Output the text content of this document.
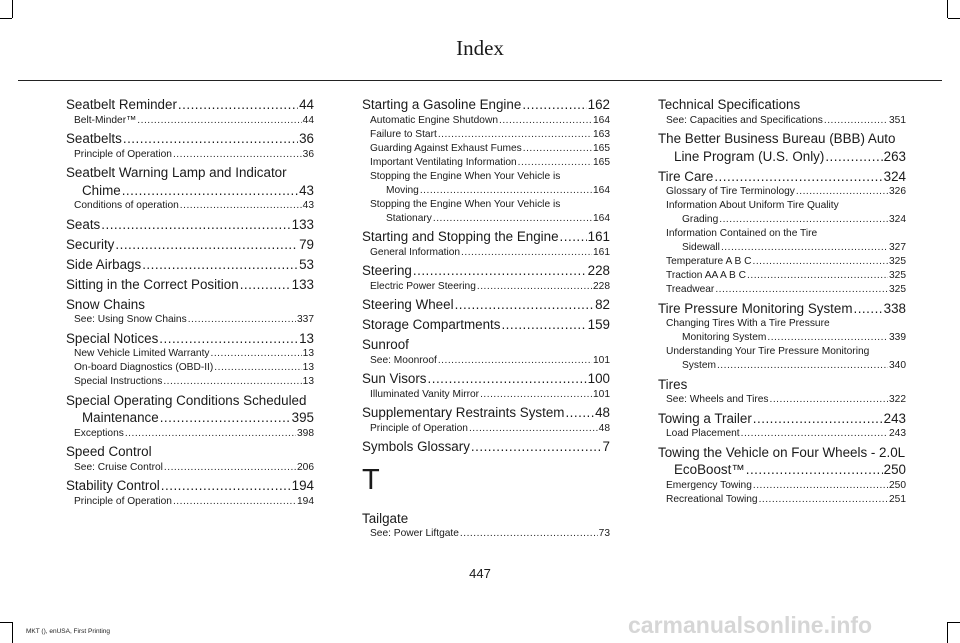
Index
Seatbelt Reminder .....	44
Belt-Minder™ .....	44
Seatbelts .....	36
Principle of Operation .....	36
Seatbelt Warning Lamp and Indicator
Chime .....	43
Conditions of operation .....	43
Seats .....	133
Security .....	79
Side Airbags .....	53
Sitting in the Correct Position .....	133
Snow Chains
See: Using Snow Chains .....	337
Special Notices .....	13
New Vehicle Limited Warranty .....	13
On-board Diagnostics (OBD-II) .....	13
Special Instructions .....	13
Special Operating Conditions Scheduled
Maintenance .....	395
Exceptions .....	398
Speed Control
See: Cruise Control .....	206
Stability Control .....	194
Principle of Operation .....	194
Starting a Gasoline Engine .....	162
Automatic Engine Shutdown .....	164
Failure to Start .....	163
Guarding Against Exhaust Fumes .....	165
Important Ventilating Information .....	165
Stopping the Engine When Your Vehicle is
Moving .....	164
Stopping the Engine When Your Vehicle is
Stationary .....	164
Starting and Stopping the Engine ..... 161
General Information .....	161
Steering .....	228
Electric Power Steering .....	228
Steering Wheel .....	82
Storage Compartments .....	159
Sunroof
See: Moonroof .....	101
Sun Visors .....	100
Illuminated Vanity Mirror .....	101
Supplementary Restraints System ..... 48
Principle of Operation .....	48
Symbols Glossary .....	7
T
Tailgate
See: Power Liftgate .....	73
Technical Specifications
See: Capacities and Specifications .....	351
The Better Business Bureau (BBB) Auto
Line Program (U.S. Only) .....	263
Tire Care .....	324
Glossary of Tire Terminology .....	326
Information About Uniform Tire Quality
Grading .....	324
Information Contained on the Tire
Sidewall .....	327
Temperature A B C .....	325
Traction AA A B C .....	325
Treadwear .....	325
Tire Pressure Monitoring System ..... 338
Changing Tires With a Tire Pressure
Monitoring System .....	339
Understanding Your Tire Pressure Monitoring
System .....	340
Tires
See: Wheels and Tires .....	322
Towing a Trailer .....	243
Load Placement .....	243
Towing the Vehicle on Four Wheels - 2.0L
EcoBoost™ .....	250
Emergency Towing .....	250
Recreational Towing .....	251
447
MKT (), enUSA, First Printing	carmanualsonline.info
